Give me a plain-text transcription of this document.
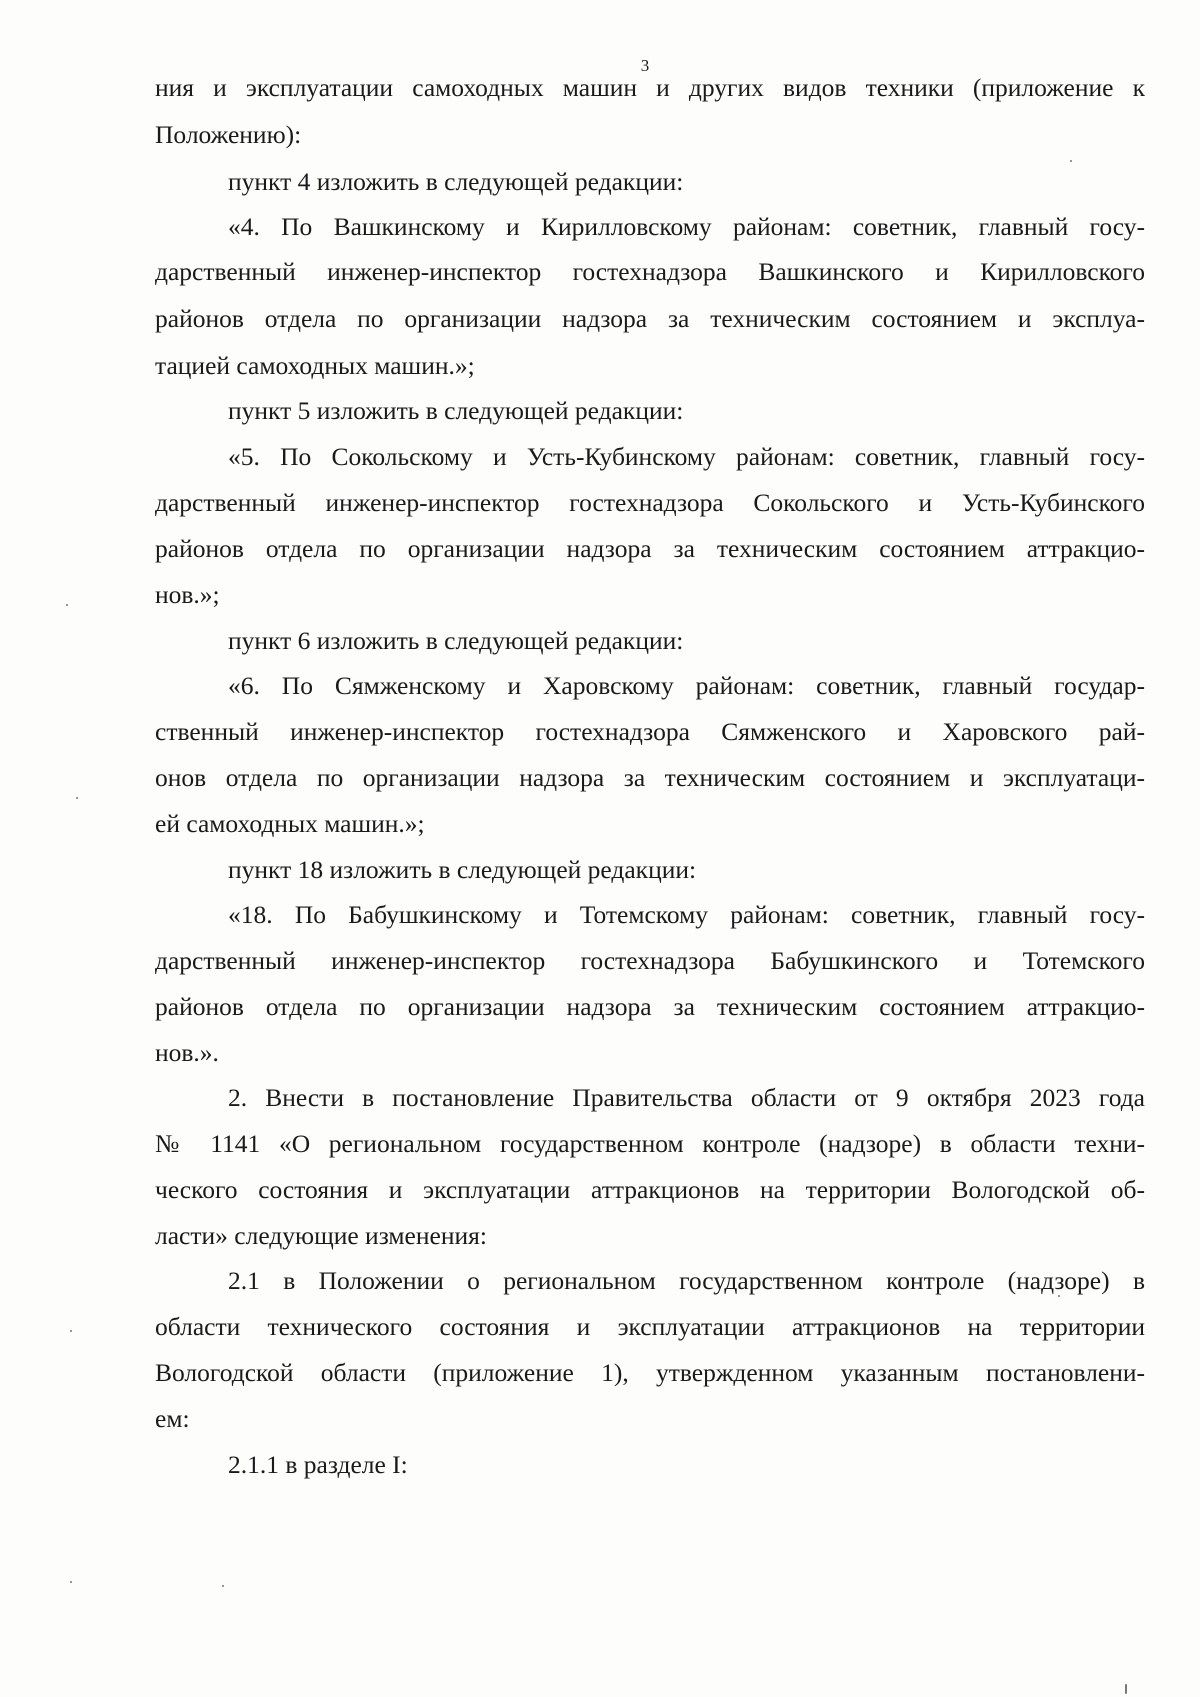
3
ния и эксплуатации самоходных машин и других видов техники (приложение к
Положению):
пункт 4 изложить в следующей редакции:
«4. По Вашкинскому и Кирилловскому районам: советник, главный госу-
дарственный инженер-инспектор гостехнадзора Вашкинского и Кирилловского
районов отдела по организации надзора за техническим состоянием и эксплуа-
тацией самоходных машин.»;
пункт 5 изложить в следующей редакции:
«5. По Сокольскому и Усть-Кубинскому районам: советник, главный госу-
дарственный инженер-инспектор гостехнадзора Сокольского и Усть-Кубинского
районов отдела по организации надзора за техническим состоянием аттракцио-
нов.»;
пункт 6 изложить в следующей редакции:
«6. По Сямженскому и Харовскому районам: советник, главный государ-
ственный инженер-инспектор гостехнадзора Сямженского и Харовского рай-
онов отдела по организации надзора за техническим состоянием и эксплуатаци-
ей самоходных машин.»;
пункт 18 изложить в следующей редакции:
«18. По Бабушкинскому и Тотемскому районам: советник, главный госу-
дарственный инженер-инспектор гостехнадзора Бабушкинского и Тотемского
районов отдела по организации надзора за техническим состоянием аттракцио-
нов.».
2. Внести в постановление Правительства области от 9 октября 2023 года
№ 1141 «О региональном государственном контроле (надзоре) в области техни-
ческого состояния и эксплуатации аттракционов на территории Вологодской об-
ласти» следующие изменения:
2.1 в Положении о региональном государственном контроле (надзоре) в
области технического состояния и эксплуатации аттракционов на территории
Вологодской области (приложение 1), утвержденном указанным постановлени-
ем:
2.1.1 в разделе I:
